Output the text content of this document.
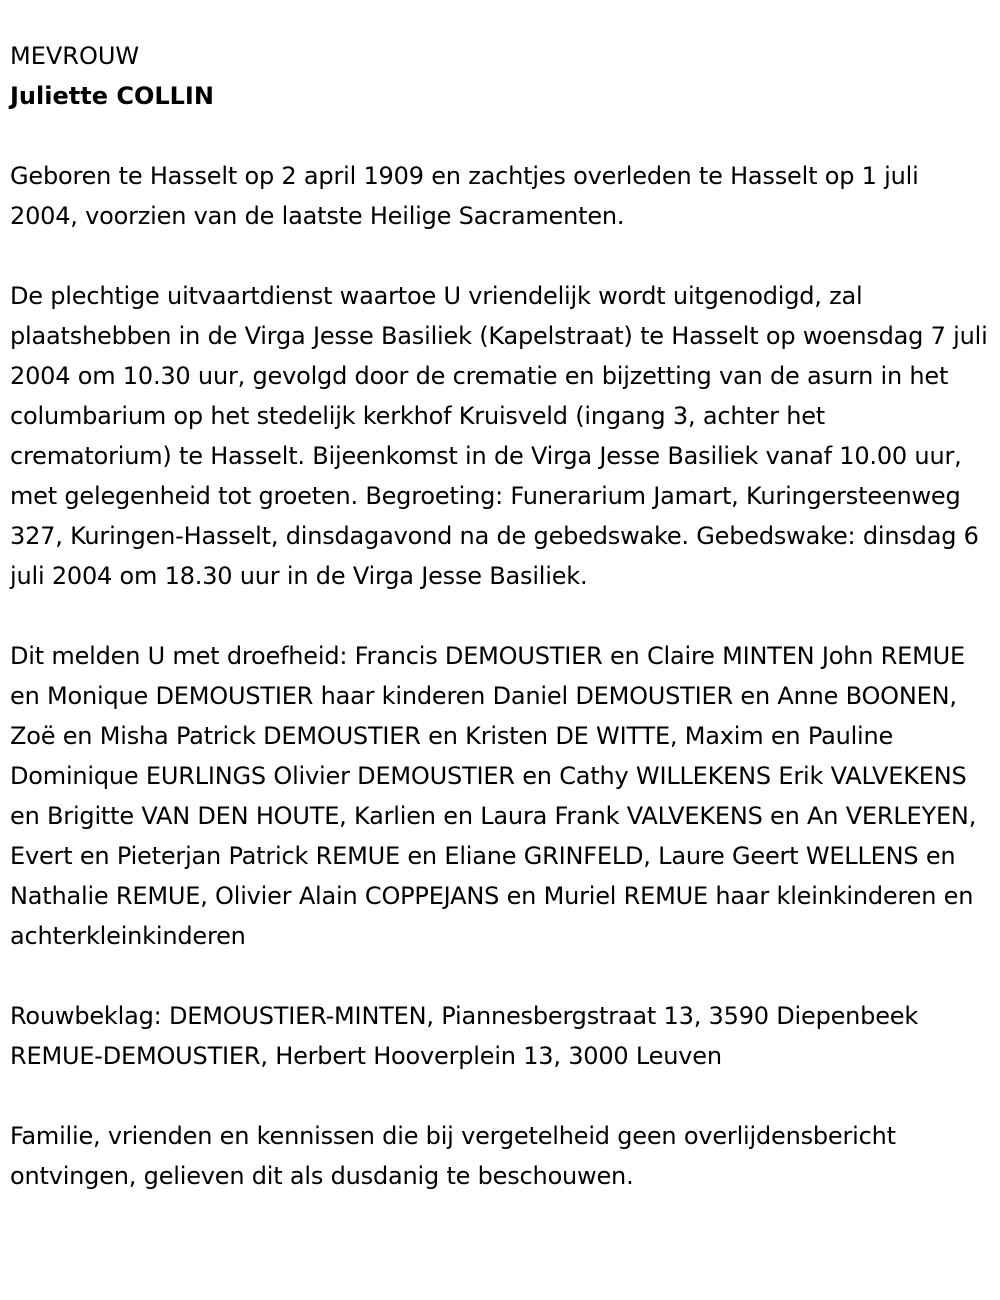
MEVROUW

Juliette COLLIN

Geboren te Hasselt op 2 april 1909 en zachtjes overleden te Hasselt op 1 juli 2004, voorzien van de laatste Heilige Sacramenten.

De plechtige uitvaartdienst waartoe U vriendelijk wordt uitgenodigd, zal plaatshebben in de Virga Jesse Basiliek (Kapelstraat) te Hasselt op woensdag 7 juli 2004 om 10.30 uur, gevolgd door de crematie en bijzetting van de asurn in het columbarium op het stedelijk kerkhof Kruisveld (ingang 3, achter het crematorium) te Hasselt. Bijeenkomst in de Virga Jesse Basiliek vanaf 10.00 uur, met gelegenheid tot groeten. Begroeting: Funerarium Jamart, Kuringersteenweg 327, Kuringen-Hasselt, dinsdagavond na de gebedswake. Gebedswake: dinsdag 6 juli 2004 om 18.30 uur in de Virga Jesse Basiliek.

Dit melden U met droefheid: Francis DEMOUSTIER en Claire MINTEN John REMUE en Monique DEMOUSTIER haar kinderen Daniel DEMOUSTIER en Anne BOONEN, Zoë en Misha Patrick DEMOUSTIER en Kristen DE WITTE, Maxim en Pauline Dominique EURLINGS Olivier DEMOUSTIER en Cathy WILLEKENS Erik VALVEKENS en Brigitte VAN DEN HOUTE, Karlien en Laura Frank VALVEKENS en An VERLEYEN, Evert en Pieterjan Patrick REMUE en Eliane GRINFELD, Laure Geert WELLENS en Nathalie REMUE, Olivier Alain COPPEJANS en Muriel REMUE haar kleinkinderen en achterkleinkinderen

Rouwbeklag: DEMOUSTIER-MINTEN, Piannesbergstraat 13, 3590 Diepenbeek REMUE-DEMOUSTIER, Herbert Hooverplein 13, 3000 Leuven

Familie, vrienden en kennissen die bij vergetelheid geen overlijdensbericht ontvingen, gelieven dit als dusdanig te beschouwen.
